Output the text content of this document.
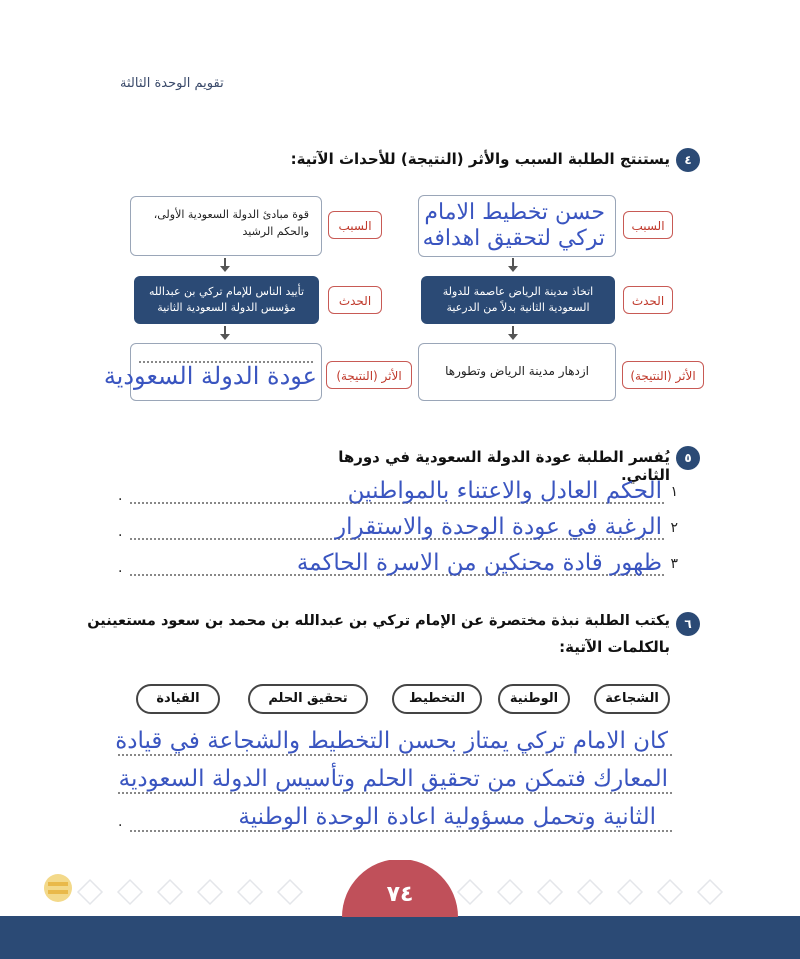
تقويم الوحدة الثالثة
٤
يستنتج الطلبة السبب والأثر (النتيجة) للأحداث الآتية:
قوة مبادئ الدولة السعودية الأولى، والحكم الرشيد	السبب
تأييد الناس للإمام تركي بن عبدالله مؤسس الدولة السعودية الثانية	الحدث
عودة الدولة السعودية	الأثر (النتيجة)
حسن تخطيط الامام
تركي لتحقيق اهدافه	السبب
اتخاذ مدينة الرياض عاصمة للدولة السعودية الثانية بدلاً من الدرعية	الحدث
ازدهار مدينة الرياض وتطورها	الأثر (النتيجة)
٥
يُفسر الطلبة عودة الدولة السعودية في دورها الثاني.
.	١
الحكم العادل والاعتناء بالمواطنين
.	٢
الرغبة في عودة الوحدة والاستقرار
.	٣
ظهور قادة محنكين من الاسرة الحاكمة
٦
يكتب الطلبة نبذة مختصرة عن الإمام تركي بن عبدالله بن محمد بن سعود مستعينين
بالكلمات الآتية:
الشجاعة
الوطنية
التخطيط
تحقيق الحلم
القيادة
كان الامام تركي يمتاز بحسن التخطيط والشجاعة في قيادة
المعارك فتمكن من تحقيق الحلم وتأسيس الدولة السعودية
.	الثانية وتحمل مسؤولية اعادة الوحدة الوطنية
٧٤
